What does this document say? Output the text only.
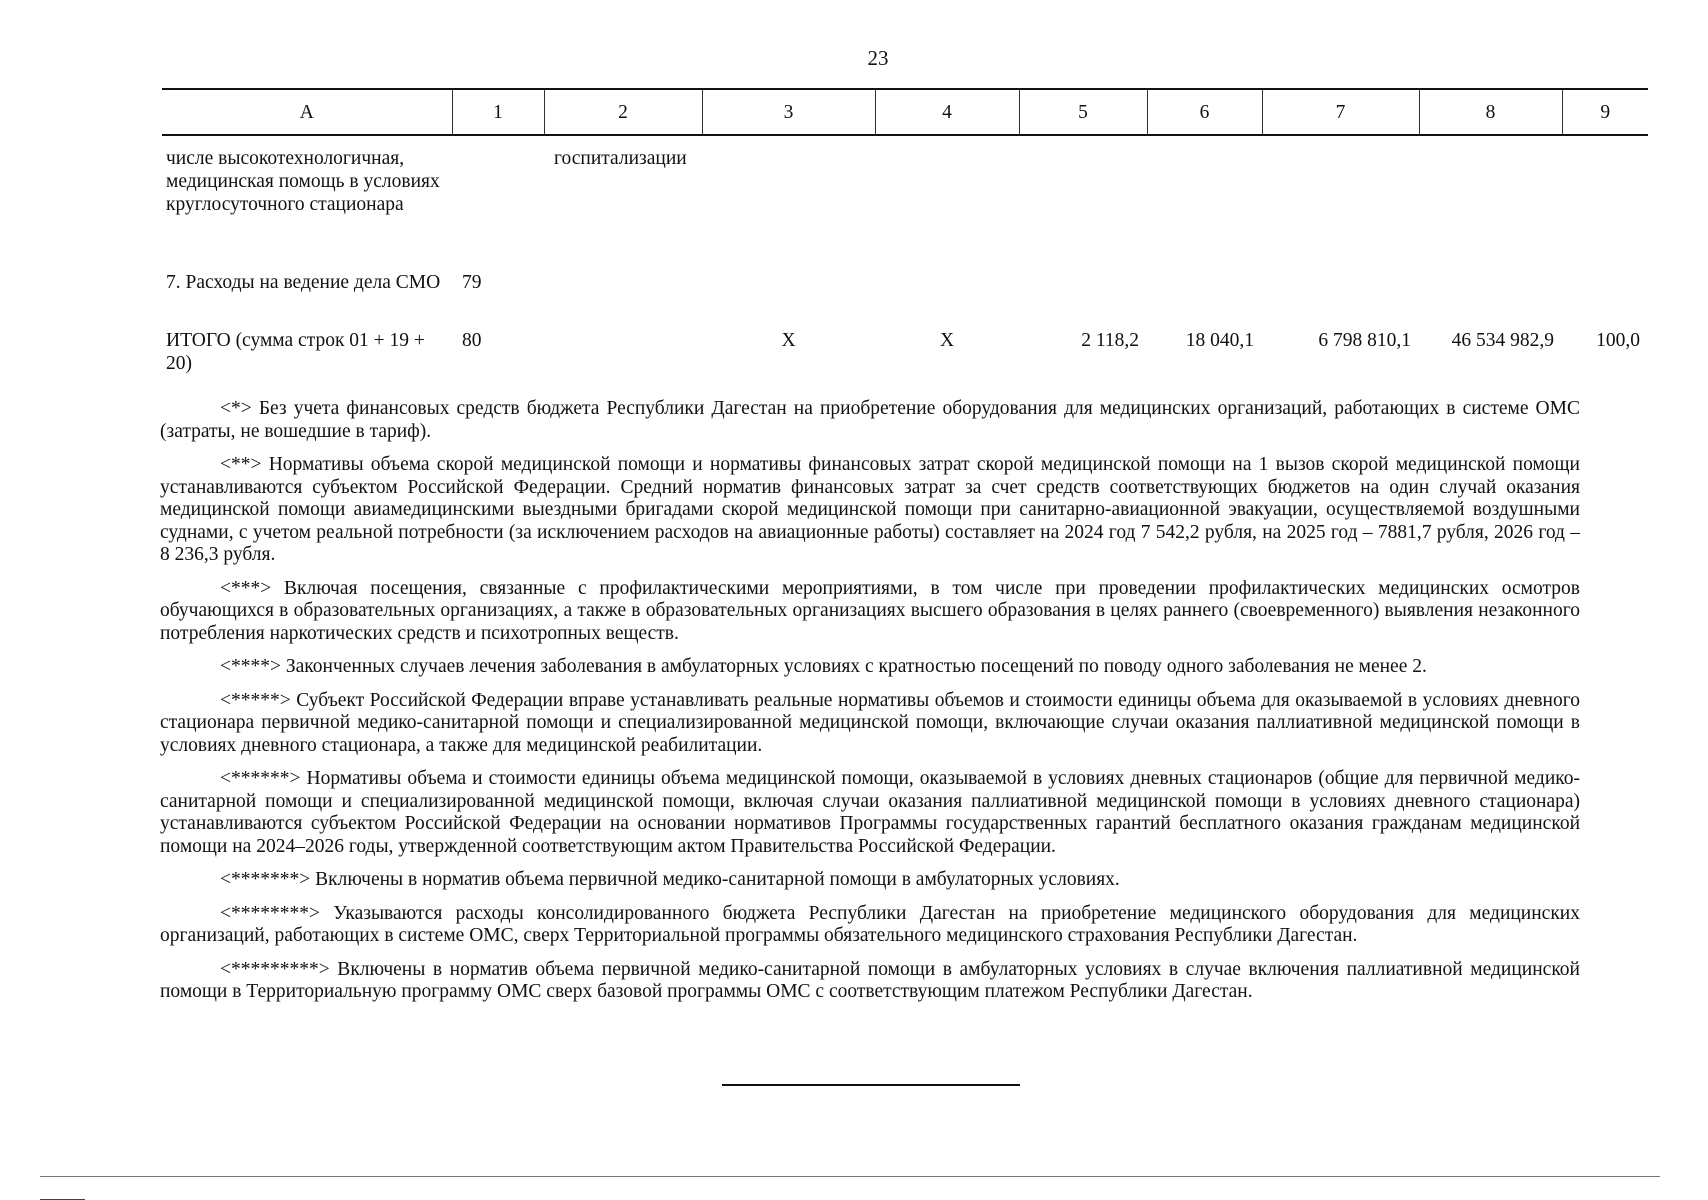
23
А	1	2	3	4	5	6	7	8	9
числе высокотехнологичная, медицинская помощь в условиях круглосуточного стационара		госпитализации							
7. Расходы на ведение дела СМО	79								
ИТОГО (сумма строк 01 + 19 + 20)	80		Х	Х	2 118,2	18 040,1	6 798 810,1	46 534 982,9	100,0

<*> Без учета финансовых средств бюджета Республики Дагестан на приобретение оборудования для медицинских организаций, работающих в системе ОМС (затраты, не вошедшие в тариф).

<**> Нормативы объема скорой медицинской помощи и нормативы финансовых затрат скорой медицинской помощи на 1 вызов скорой медицинской помощи устанавливаются субъектом Российской Федерации. Средний норматив финансовых затрат за счет средств соответствующих бюджетов на один случай оказания медицинской помощи авиамедицинскими выездными бригадами скорой медицинской помощи при санитарно-авиационной эвакуации, осуществляемой воздушными суднами, с учетом реальной потребности (за исключением расходов на авиационные работы) составляет на 2024 год 7 542,2 рубля, на 2025 год – 7881,7 рубля, 2026 год – 8 236,3 рубля.

<***> Включая посещения, связанные с профилактическими мероприятиями, в том числе при проведении профилактических медицинских осмотров обучающихся в образовательных организациях, а также в образовательных организациях высшего образования в целях раннего (своевременного) выявления незаконного потребления наркотических средств и психотропных веществ.

<****> Законченных случаев лечения заболевания в амбулаторных условиях с кратностью посещений по поводу одного заболевания не менее 2.

<*****> Субъект Российской Федерации вправе устанавливать реальные нормативы объемов и стоимости единицы объема для оказываемой в условиях дневного стационара первичной медико-санитарной помощи и специализированной медицинской помощи, включающие случаи оказания паллиативной медицинской помощи в условиях дневного стационара, а также для медицинской реабилитации.

<******> Нормативы объема и стоимости единицы объема медицинской помощи, оказываемой в условиях дневных стационаров (общие для первичной медико-санитарной помощи и специализированной медицинской помощи, включая случаи оказания паллиативной медицинской помощи в условиях дневного стационара) устанавливаются субъектом Российской Федерации на основании нормативов Программы государственных гарантий бесплатного оказания гражданам медицинской помощи на 2024–2026 годы, утвержденной соответствующим актом Правительства Российской Федерации.

<*******> Включены в норматив объема первичной медико-санитарной помощи в амбулаторных условиях.

<********> Указываются расходы консолидированного бюджета Республики Дагестан на приобретение медицинского оборудования для медицинских организаций, работающих в системе ОМС, сверх Территориальной программы обязательного медицинского страхования Республики Дагестан.

<*********> Включены в норматив объема первичной медико-санитарной помощи в амбулаторных условиях в случае включения паллиативной медицинской помощи в Территориальную программу ОМС сверх базовой программы ОМС с соответствующим платежом Республики Дагестан.
